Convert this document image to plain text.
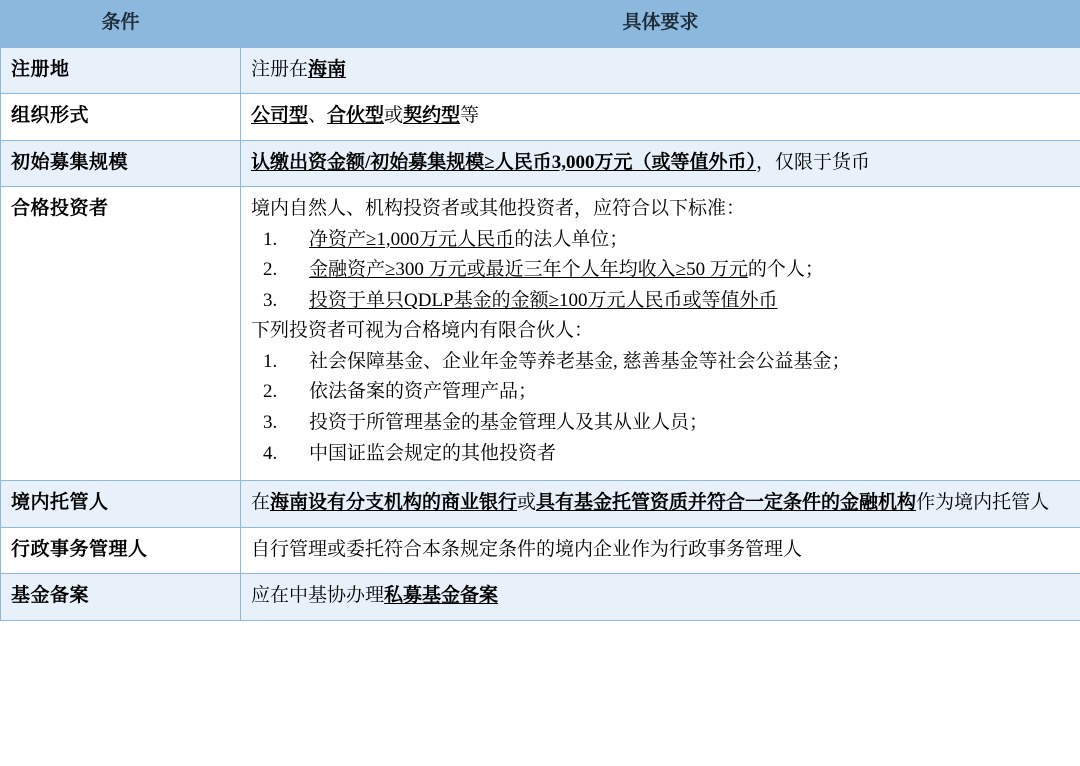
条件	具体要求
注册地	注册在海南

组织形式	公司型、合伙型或契约型等

初始募集规模	认缴出资金额/初始募集规模≥人民币3,000万元（或等值外币），仅限于货币

合格投资者	境内自然人、机构投资者或其他投资者，应符合以下标准：

1.	净资产≥1,000万元人民币的法人单位；
2.	金融资产≥300 万元或最近三年个人年均收入≥50 万元的个人；
3.	投资于单只QDLP基金的金额≥100万元人民币或等值外币

下列投资者可视为合格境内有限合伙人：

1.	社会保障基金、企业年金等养老基金, 慈善基金等社会公益基金；
2.	依法备案的资产管理产品；
3.	投资于所管理基金的基金管理人及其从业人员；
4.	中国证监会规定的其他投资者

境内托管人	在海南设有分支机构的商业银行或具有基金托管资质并符合一定条件的金融机构作为境内托管人

行政事务管理人	自行管理或委托符合本条规定条件的境内企业作为行政事务管理人

基金备案	应在中基协办理私募基金备案
